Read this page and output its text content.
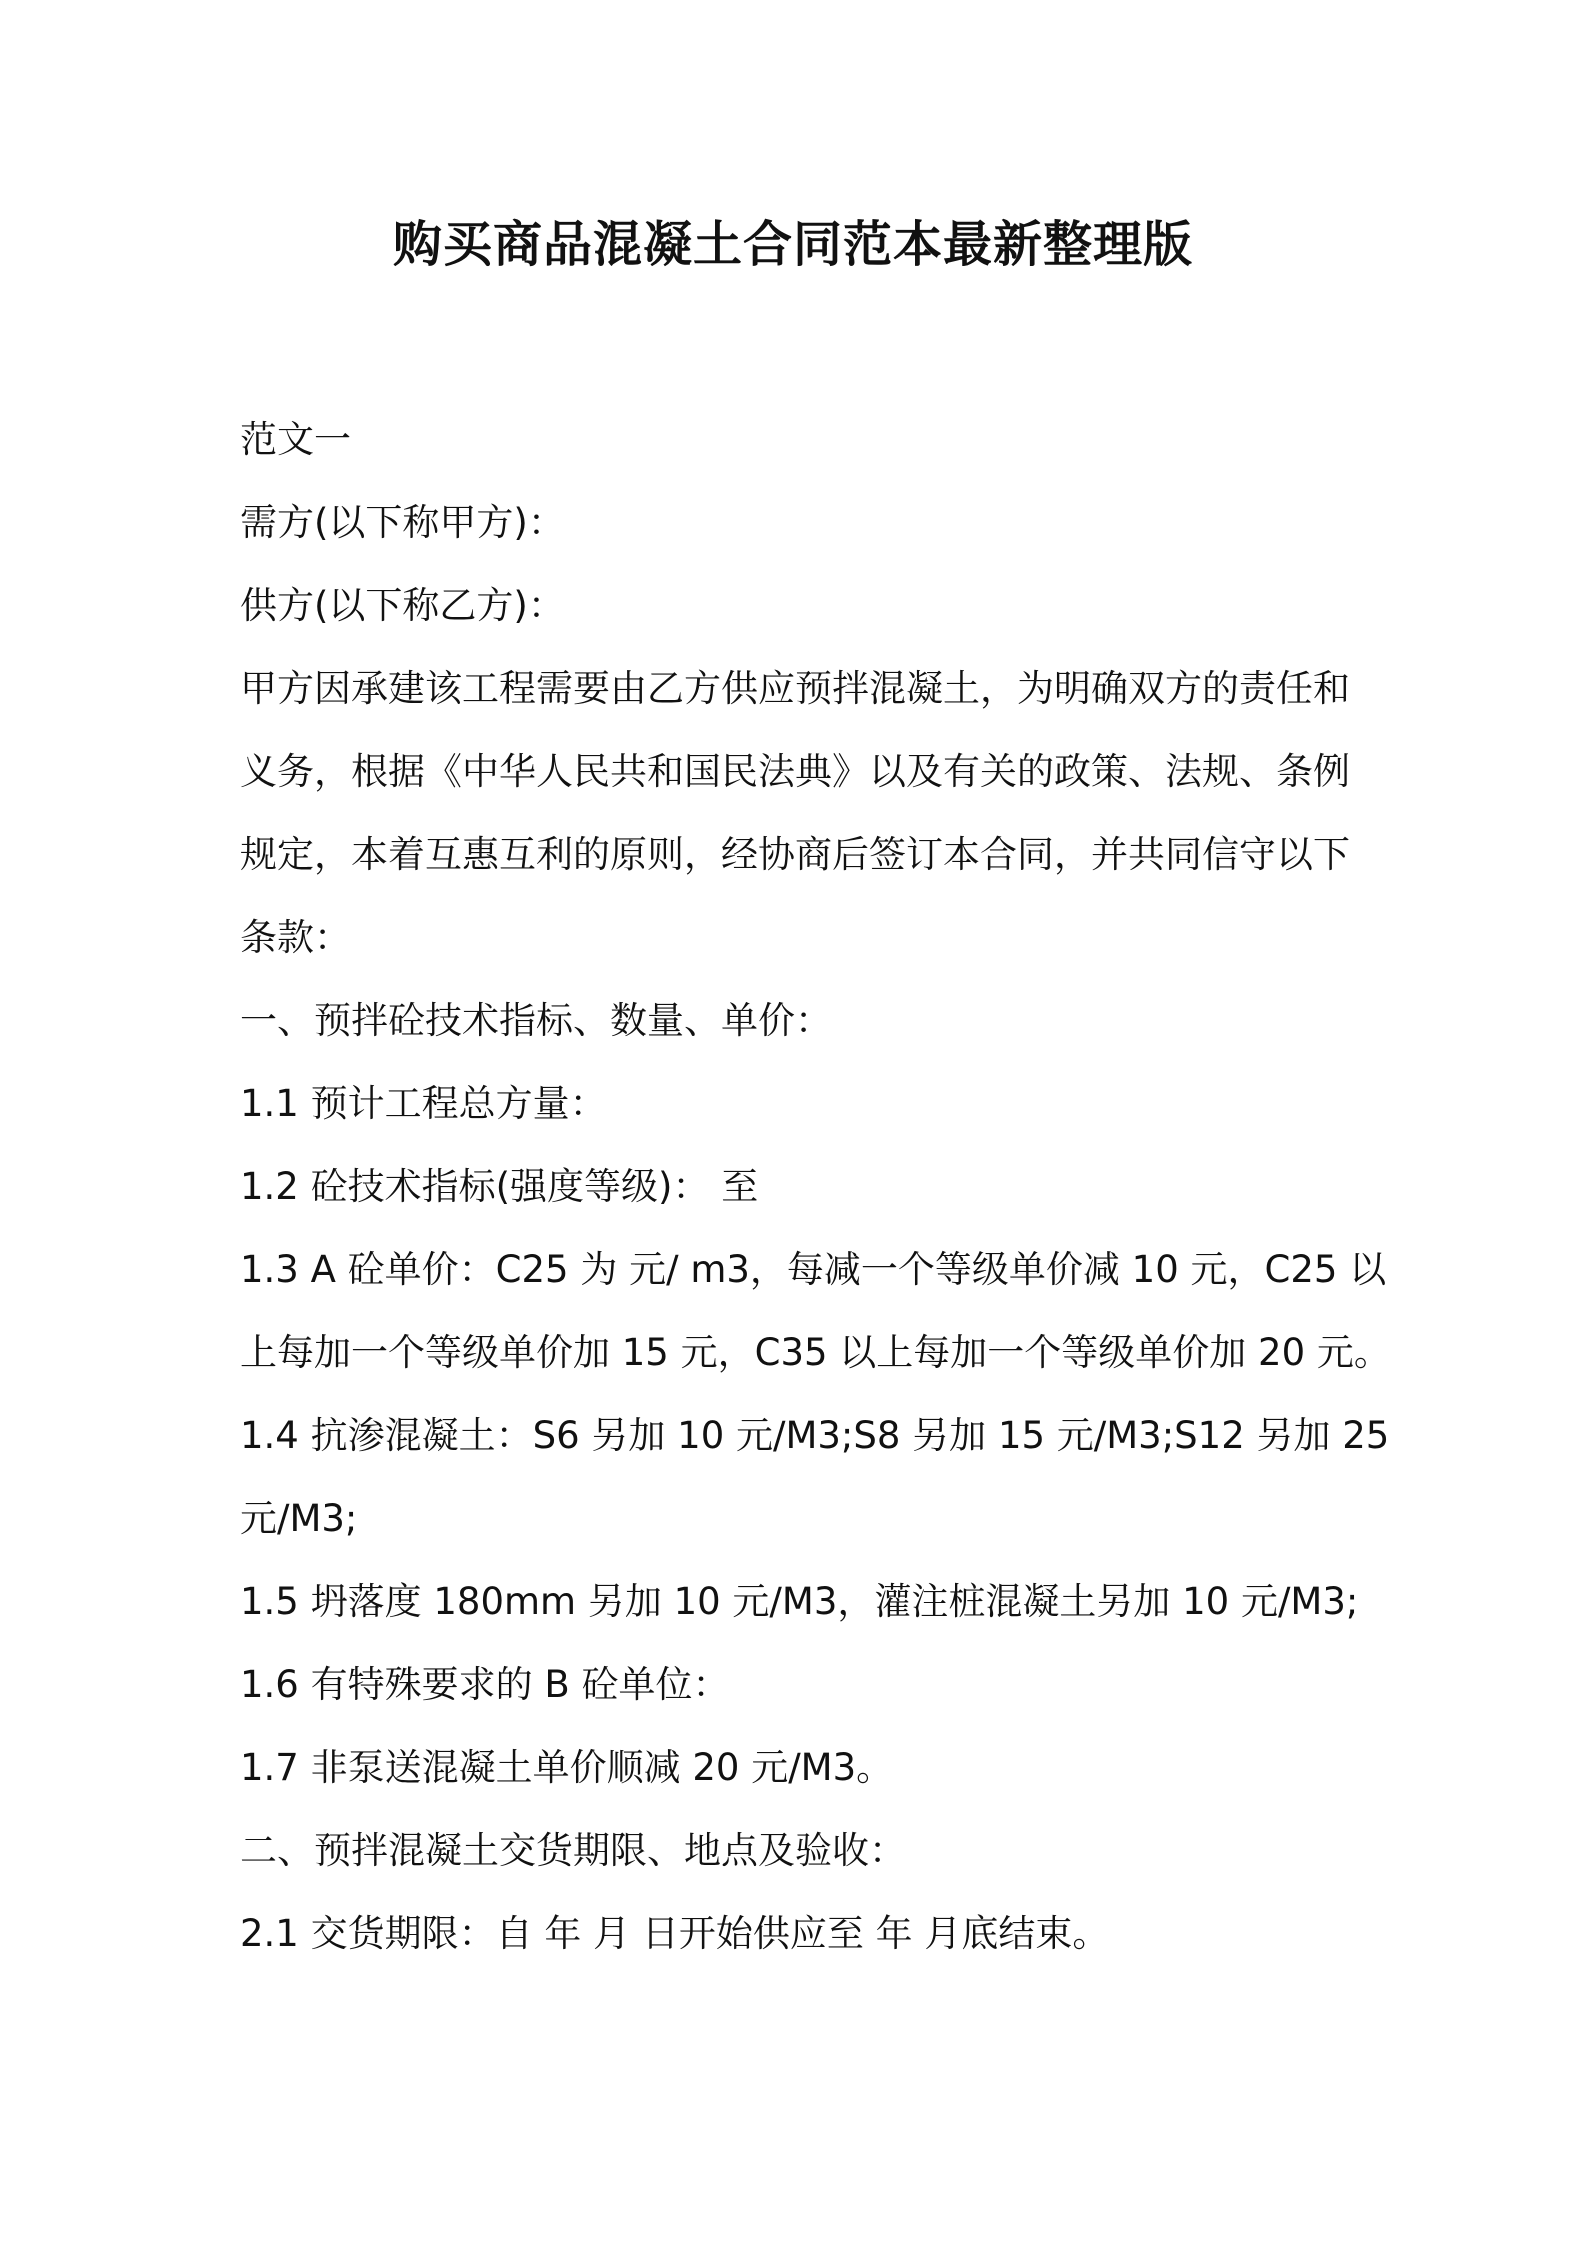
购买商品混凝土合同范本最新整理版

范文一

需方(以下称甲方)：

供方(以下称乙方)：

甲方因承建该工程需要由乙方供应预拌混凝土，为明确双方的责任和

义务，根据《中华人民共和国民法典》以及有关的政策、法规、条例

规定，本着互惠互利的原则，经协商后签订本合同，并共同信守以下

条款：

一、预拌砼技术指标、数量、单价：

1.1 预计工程总方量：

1.2 砼技术指标(强度等级)： 至

1.3 A 砼单价：C25 为 元/ m3，每减一个等级单价减 10 元，C25 以

上每加一个等级单价加 15 元，C35 以上每加一个等级单价加 20 元。

1.4 抗渗混凝土：S6 另加 10 元/M3;S8 另加 15 元/M3;S12 另加 25

元/M3;

1.5 坍落度 180mm 另加 10 元/M3，灌注桩混凝土另加 10 元/M3;

1.6 有特殊要求的 B 砼单位：

1.7 非泵送混凝土单价顺减 20 元/M3。

二、预拌混凝土交货期限、地点及验收：

2.1 交货期限：自 年 月 日开始供应至 年 月底结束。
